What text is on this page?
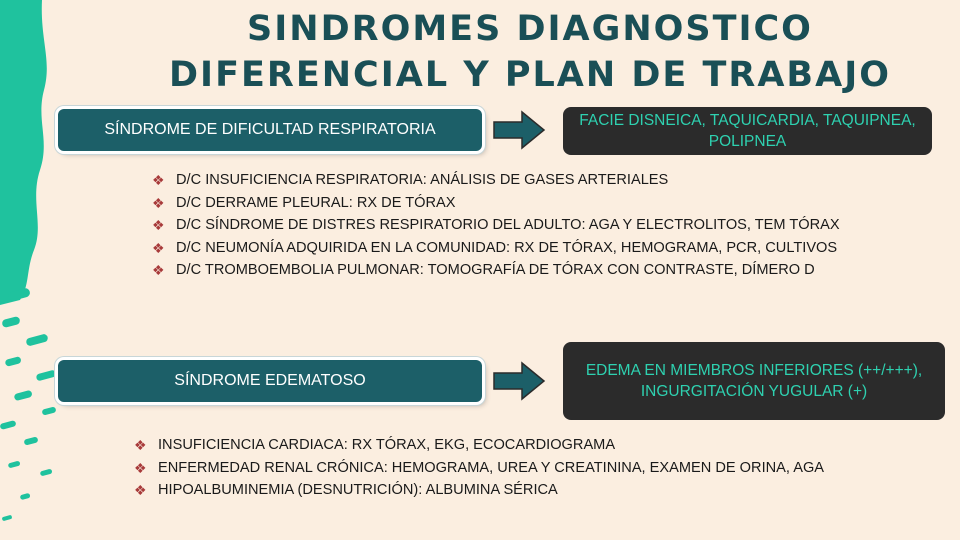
SINDROMES DIAGNOSTICO
DIFERENCIAL Y PLAN DE TRABAJO
SÍNDROME DE DIFICULTAD RESPIRATORIA
FACIE DISNEICA, TAQUICARDIA, TAQUIPNEA, POLIPNEA
❖ D/C INSUFICIENCIA RESPIRATORIA: ANÁLISIS DE GASES ARTERIALES
❖ D/C DERRAME PLEURAL: RX DE TÓRAX
❖ D/C SÍNDROME DE DISTRES RESPIRATORIO DEL ADULTO: AGA Y ELECTROLITOS, TEM TÓRAX
❖ D/C NEUMONÍA ADQUIRIDA EN LA COMUNIDAD: RX DE TÓRAX, HEMOGRAMA, PCR, CULTIVOS
❖ D/C TROMBOEMBOLIA PULMONAR: TOMOGRAFÍA DE TÓRAX CON CONTRASTE, DÍMERO D
SÍNDROME EDEMATOSO
EDEMA EN MIEMBROS INFERIORES (++/+++), INGURGITACIÓN YUGULAR (+)
❖ INSUFICIENCIA CARDIACA: RX TÓRAX, EKG, ECOCARDIOGRAMA
❖ ENFERMEDAD RENAL CRÓNICA: HEMOGRAMA, UREA Y CREATININA, EXAMEN DE ORINA, AGA
❖ HIPOALBUMINEMIA (DESNUTRICIÓN): ALBUMINA SÉRICA
